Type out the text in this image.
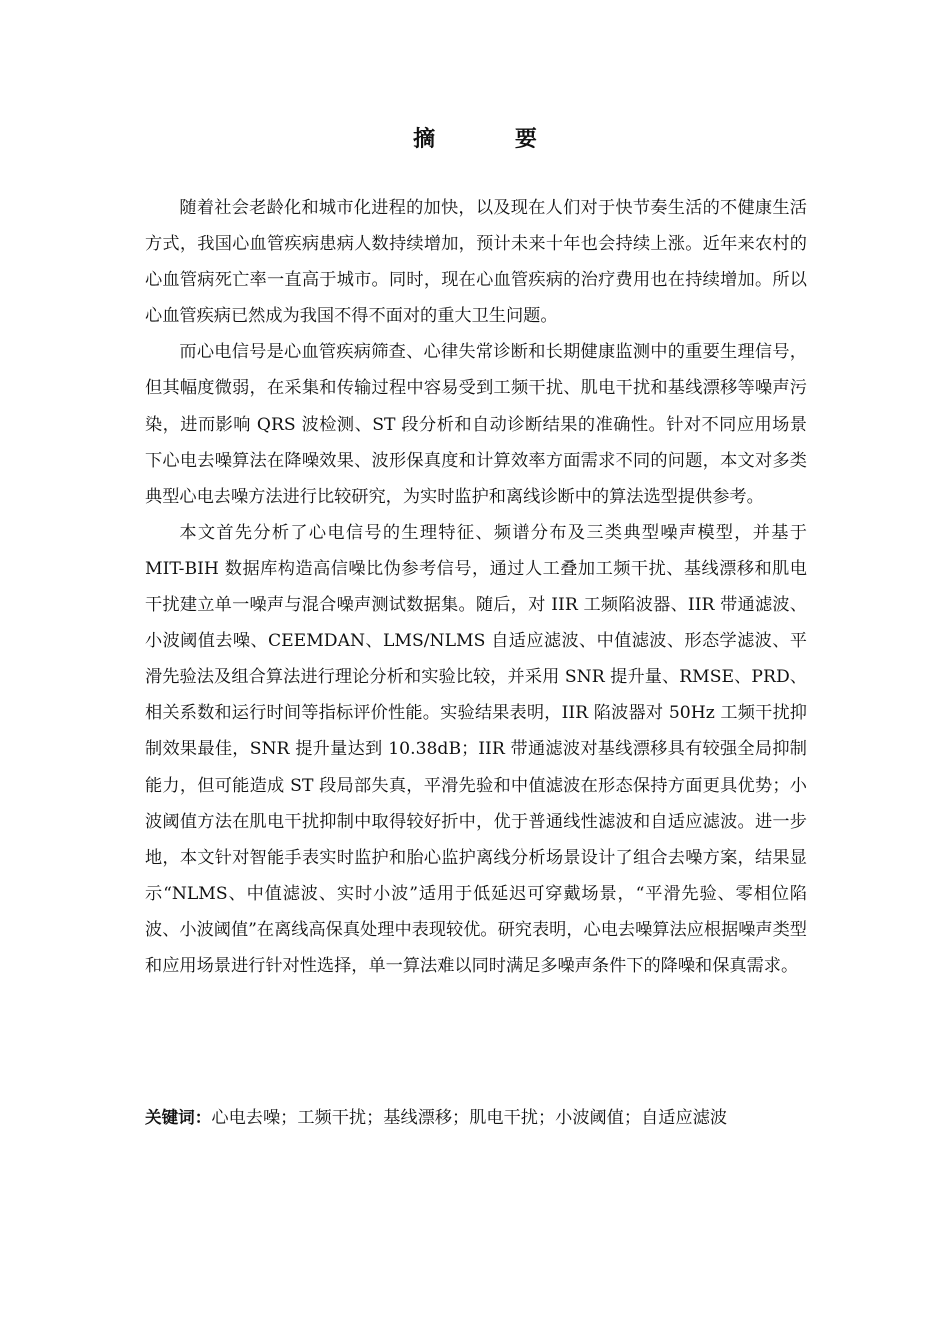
摘 要

随着社会老龄化和城市化进程的加快，以及现在人们对于快节奏生活的不健康生活方式，我国心血管疾病患病人数持续增加，预计未来十年也会持续上涨。近年来农村的心血管病死亡率一直高于城市。同时，现在心血管疾病的治疗费用也在持续增加。所以心血管疾病已然成为我国不得不面对的重大卫生问题。

而心电信号是心血管疾病筛查、心律失常诊断和长期健康监测中的重要生理信号，但其幅度微弱，在采集和传输过程中容易受到工频干扰、肌电干扰和基线漂移等噪声污染，进而影响 QRS 波检测、ST 段分析和自动诊断结果的准确性。针对不同应用场景下心电去噪算法在降噪效果、波形保真度和计算效率方面需求不同的问题，本文对多类典型心电去噪方法进行比较研究，为实时监护和离线诊断中的算法选型提供参考。

本文首先分析了心电信号的生理特征、频谱分布及三类典型噪声模型，并基于 MIT-BIH 数据库构造高信噪比伪参考信号，通过人工叠加工频干扰、基线漂移和肌电干扰建立单一噪声与混合噪声测试数据集。随后，对 IIR 工频陷波器、IIR 带通滤波、小波阈值去噪、CEEMDAN、LMS/NLMS 自适应滤波、中值滤波、形态学滤波、平滑先验法及组合算法进行理论分析和实验比较，并采用 SNR 提升量、RMSE、PRD、相关系数和运行时间等指标评价性能。实验结果表明，IIR 陷波器对 50Hz 工频干扰抑制效果最佳，SNR 提升量达到 10.38dB；IIR 带通滤波对基线漂移具有较强全局抑制能力，但可能造成 ST 段局部失真，平滑先验和中值滤波在形态保持方面更具优势；小波阈值方法在肌电干扰抑制中取得较好折中，优于普通线性滤波和自适应滤波。进一步地，本文针对智能手表实时监护和胎心监护离线分析场景设计了组合去噪方案，结果显示“NLMS、中值滤波、实时小波”适用于低延迟可穿戴场景，“平滑先验、零相位陷波、小波阈值”在离线高保真处理中表现较优。研究表明，心电去噪算法应根据噪声类型和应用场景进行针对性选择，单一算法难以同时满足多噪声条件下的降噪和保真需求。

关键词：心电去噪；工频干扰；基线漂移；肌电干扰；小波阈值；自适应滤波
